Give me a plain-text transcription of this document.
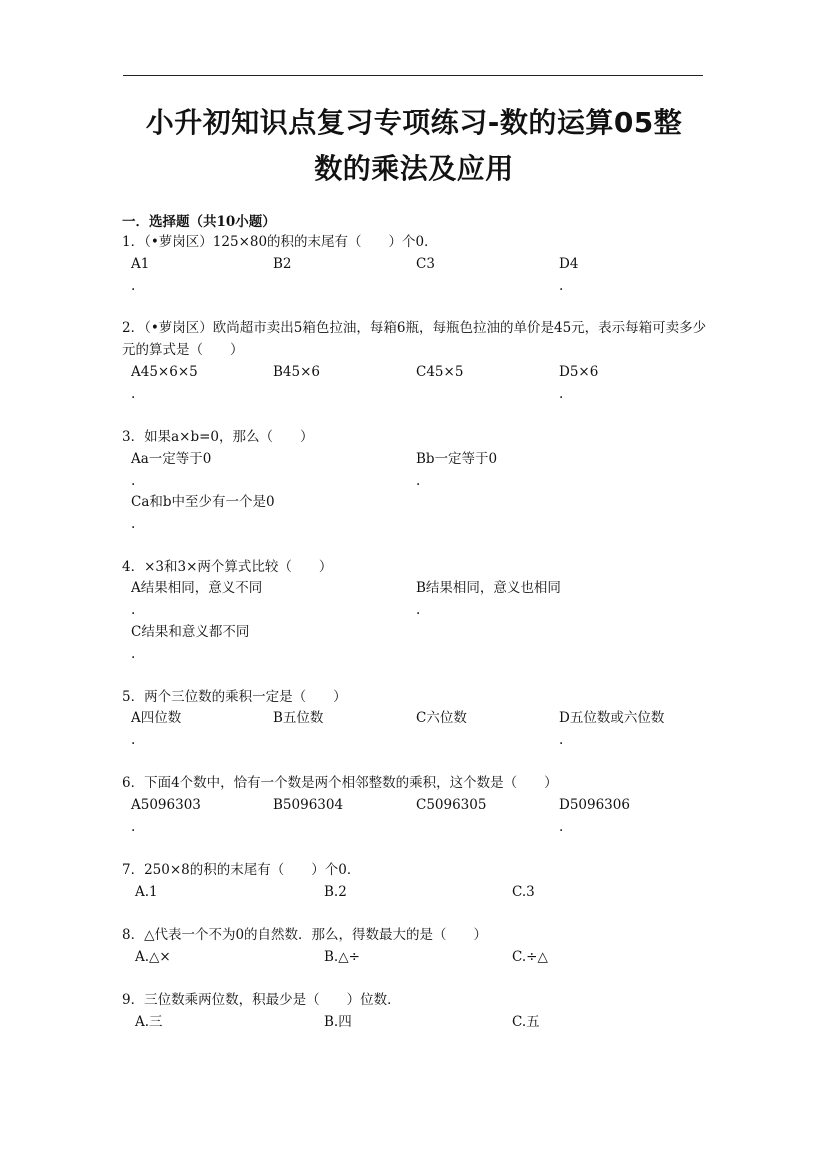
小升初知识点复习专项练习-数的运算05整
数的乘法及应用
一．选择题（共10小题）
1．（•萝岗区）125×80的积的末尾有（　　）个0．
A1	B2	C3	D4
.	.
2．（•萝岗区）欧尚超市卖出5箱色拉油，每箱6瓶，每瓶色拉油的单价是45元，表示每箱可卖多少元的算式是（　　）
A45×6×5	B45×6	C45×5	D5×6
.	.
3．如果a×b=0，那么（　　）
Aa一定等于0	Bb一定等于0
.	.
Ca和b中至少有一个是0
.
4．×3和3×两个算式比较（　　）
A结果相同，意义不同	B结果相同，意义也相同
.	.
C结果和意义都不同
.
5．两个三位数的乘积一定是（　　）
A四位数	B五位数	C六位数	D五位数或六位数
.	.
6．下面4个数中，恰有一个数是两个相邻整数的乘积，这个数是（　　）
A5096303	B5096304	C5096305	D5096306
.	.
7．250×8的积的末尾有（　　）个0．
A.1	B.2	C.3
8．△代表一个不为0的自然数．那么，得数最大的是（　　）
A.△×	B.△÷	C.÷△
9．三位数乘两位数，积最少是（　　）位数．
A.三	B.四	C.五
